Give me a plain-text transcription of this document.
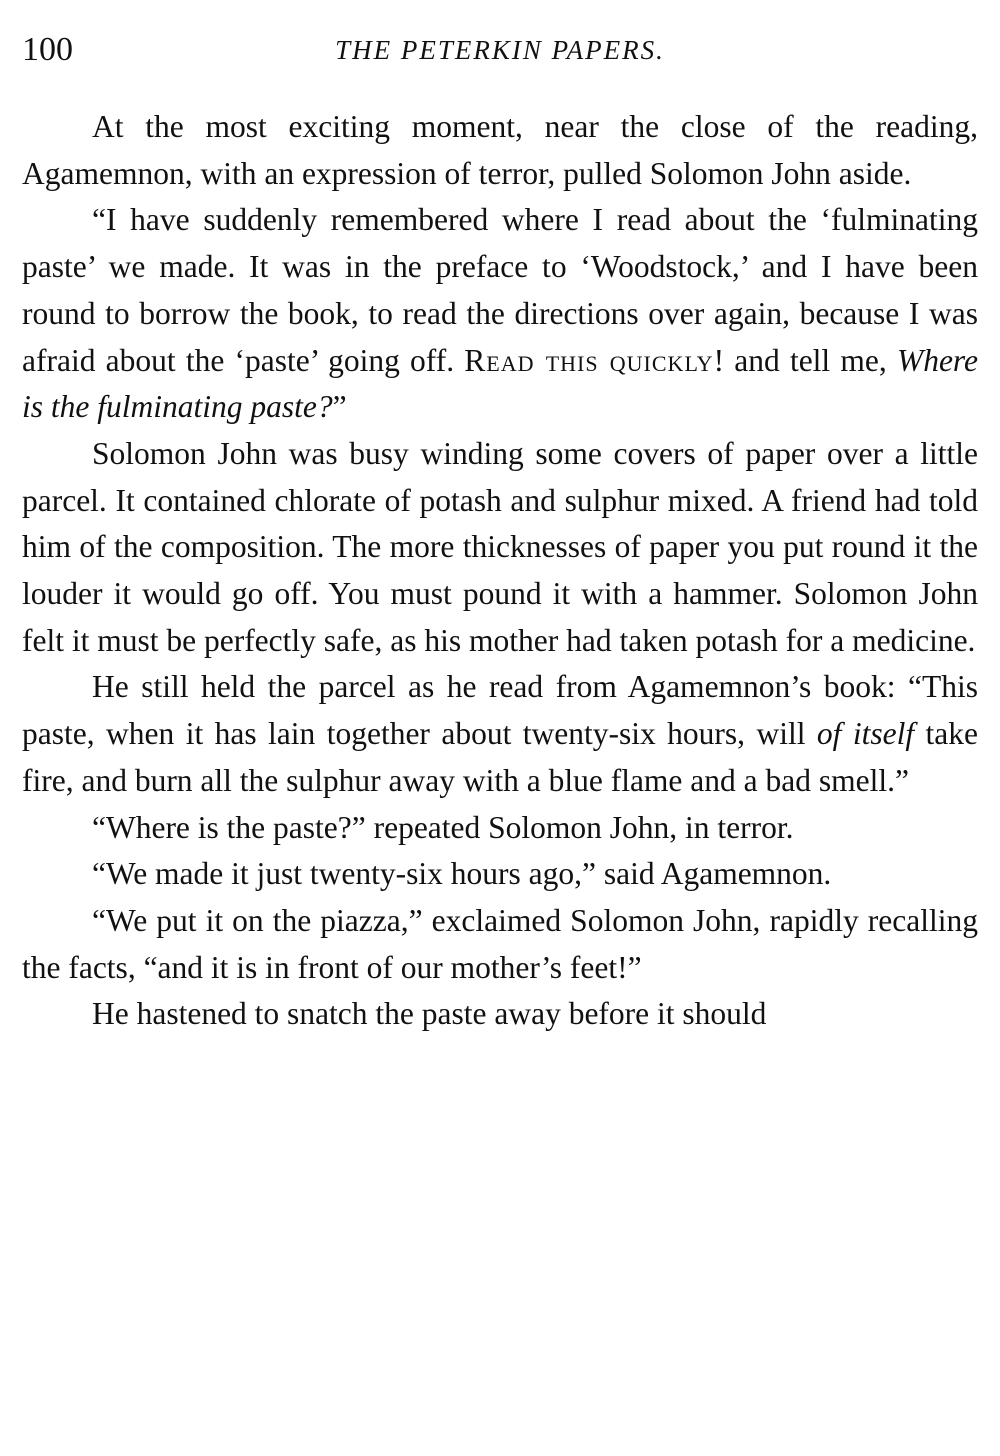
100	THE PETERKIN PAPERS.

At the most exciting moment, near the close of the reading, Agamemnon, with an expression of terror, pulled Solomon John aside.

“I have suddenly remembered where I read about the ‘fulminating paste’ we made. It was in the preface to ‘Woodstock,’ and I have been round to borrow the book, to read the directions over again, because I was afraid about the ‘paste’ going off. Read this quickly! and tell me, Where is the fulminating paste?”

Solomon John was busy winding some covers of paper over a little parcel. It contained chlorate of potash and sulphur mixed. A friend had told him of the composition. The more thicknesses of paper you put round it the louder it would go off. You must pound it with a hammer. Solomon John felt it must be perfectly safe, as his mother had taken potash for a medicine.

He still held the parcel as he read from Agamemnon’s book: “This paste, when it has lain together about twenty-six hours, will of itself take fire, and burn all the sulphur away with a blue flame and a bad smell.”

“Where is the paste?” repeated Solomon John, in terror.

“We made it just twenty-six hours ago,” said Agamemnon.

“We put it on the piazza,” exclaimed Solomon John, rapidly recalling the facts, “and it is in front of our mother’s feet!”

He hastened to snatch the paste away before it should
